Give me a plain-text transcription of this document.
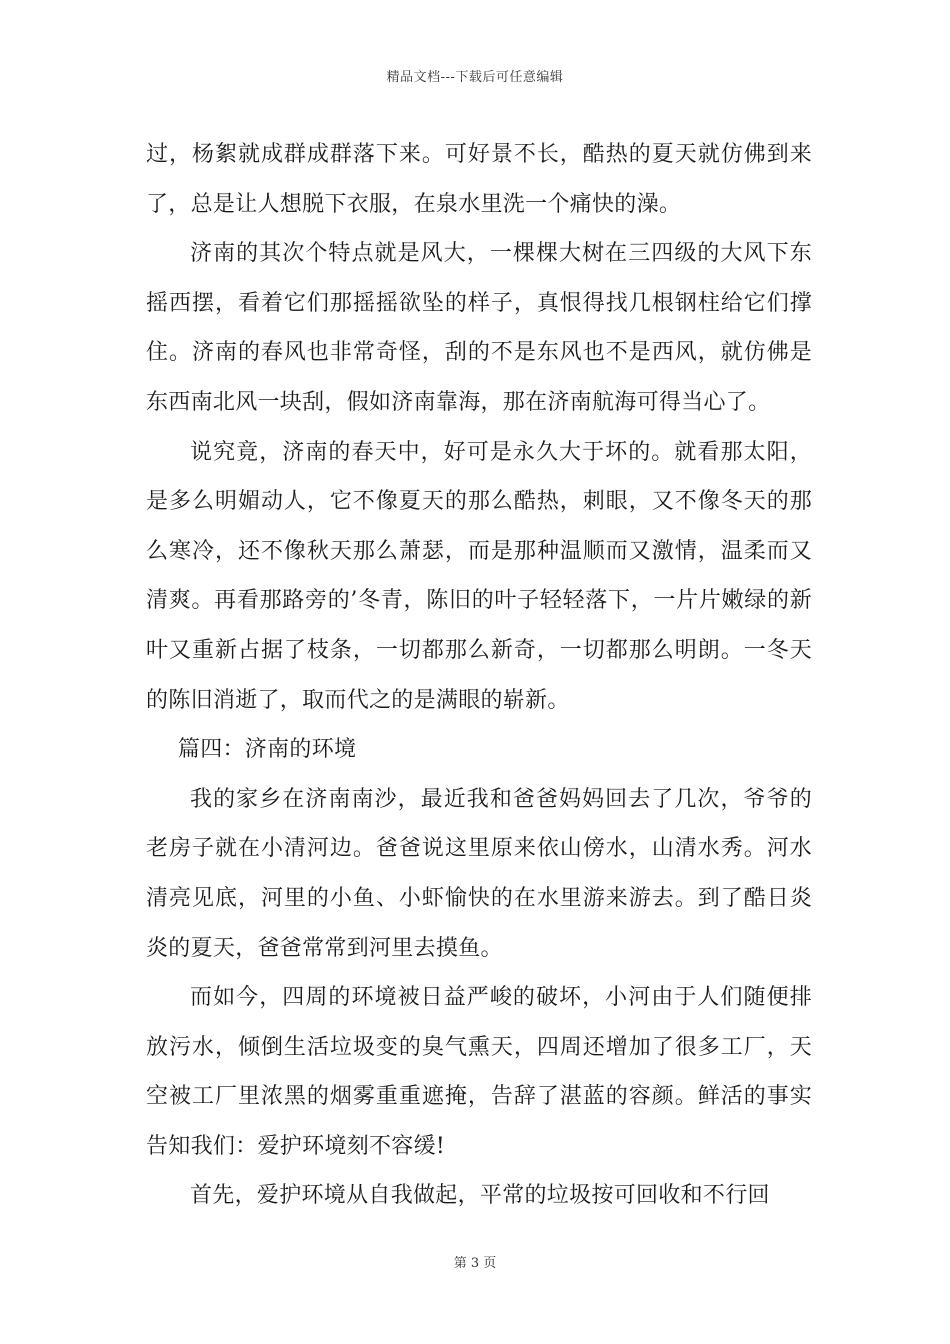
精品文档---下载后可任意编辑

过，杨絮就成群成群落下来。可好景不长，酷热的夏天就仿佛到来了，总是让人想脱下衣服，在泉水里洗一个痛快的澡。

济南的其次个特点就是风大，一棵棵大树在三四级的大风下东摇西摆，看着它们那摇摇欲坠的样子，真恨得找几根钢柱给它们撑住。济南的春风也非常奇怪，刮的不是东风也不是西风，就仿佛是东西南北风一块刮，假如济南靠海，那在济南航海可得当心了。

说究竟，济南的春天中，好可是永久大于坏的。就看那太阳，是多么明媚动人，它不像夏天的那么酷热，刺眼，又不像冬天的那么寒冷，还不像秋天那么萧瑟，而是那种温顺而又激情，温柔而又清爽。再看那路旁的’冬青，陈旧的叶子轻轻落下，一片片嫩绿的新叶又重新占据了枝条，一切都那么新奇，一切都那么明朗。一冬天的陈旧消逝了，取而代之的是满眼的崭新。

篇四：济南的环境

我的家乡在济南南沙，最近我和爸爸妈妈回去了几次，爷爷的老房子就在小清河边。爸爸说这里原来依山傍水，山清水秀。河水清亮见底，河里的小鱼、小虾愉快的在水里游来游去。到了酷日炎炎的夏天，爸爸常常到河里去摸鱼。

而如今，四周的环境被日益严峻的破坏，小河由于人们随便排放污水，倾倒生活垃圾变的臭气熏天，四周还增加了很多工厂，天空被工厂里浓黑的烟雾重重遮掩，告辞了湛蓝的容颜。鲜活的事实告知我们：爱护环境刻不容缓!

首先，爱护环境从自我做起，平常的垃圾按可回收和不行回

第 3 页
